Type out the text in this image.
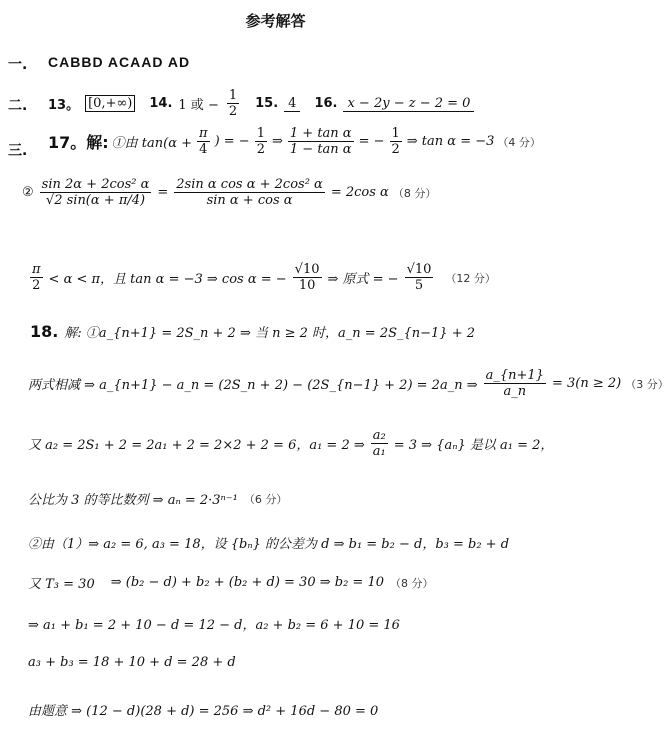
参考解答
一. CABBD ACAAD AD
二. 13。 [0,+∞) 14. 1 或 − $\frac{1}{2} 15$. 4	16. x − 2y − z − 2 = 0
三. 17。解: ①由 $\tan(\alpha + \frac{\pi}{4}$ ) = − $\frac{1}{2}$ ⇒ $\frac{\text{1 + tan α}}{\text{1 − tan α}}$ = − $\frac{1}{2}$ ⇒ tan α = −3 （4 分）
② $\frac{\text{sin 2α + 2cos² α}}{√2 \sin(\alpha + \pi/4)} = \frac{\text{2sin α cos α + 2cos² α}}{\text{sin α + cos α}} = 2\cos$ α （8 分）
$\frac{\pi}{2} < \alpha < \pi$，且 tan α = −3 ⇒ cos α = − $\frac{√10}{10}$ ⇒ 原式 = − $\frac{√10}{5} (12$ 分）
18. 解: ①a_{n+1} = 2S_n + 2 ⇒ 当 n ≥ 2 时，a_n = 2S_{n−1} + 2
两式相减 ⇒ a_{n+1} − a_n = (2S_n + 2) − (2S_{n−1} + 2) = 2a_n ⇒ $\frac{a\_\{n+1\}}{a\_n} = 3(n \ge 2)$ （3 分）
又 a₂ = 2S₁ + 2 = 2a₁ + 2 = 2×2 + 2 = 6，a₁ = 2 ⇒ $\frac{\text{a₂}}{\text{a₁}} = 3$ ⇒ {aₙ} 是以 a₁ = 2，
公比为 3 的等比数列 ⇒ aₙ = 2·3ⁿ⁻¹ （6 分）
②由（1）⇒ a₂ = 6, a₃ = 18，设 {bₙ} 的公差为 d ⇒ b₁ = b₂ − d，b₃ = b₂ + d
又 T₃ = 30 ⇒ (b₂ − d) + b₂ + (b₂ + d) = 30 ⇒ b₂ = 10 （8 分）
⇒ a₁ + b₁ = 2 + 10 − d = 12 − d，a₂ + b₂ = 6 + 10 = 16
a₃ + b₃ = 18 + 10 + d = 28 + d
由题意 ⇒ (12 − d)(28 + d) = 256 ⇒ d² + 16d − 80 = 0
